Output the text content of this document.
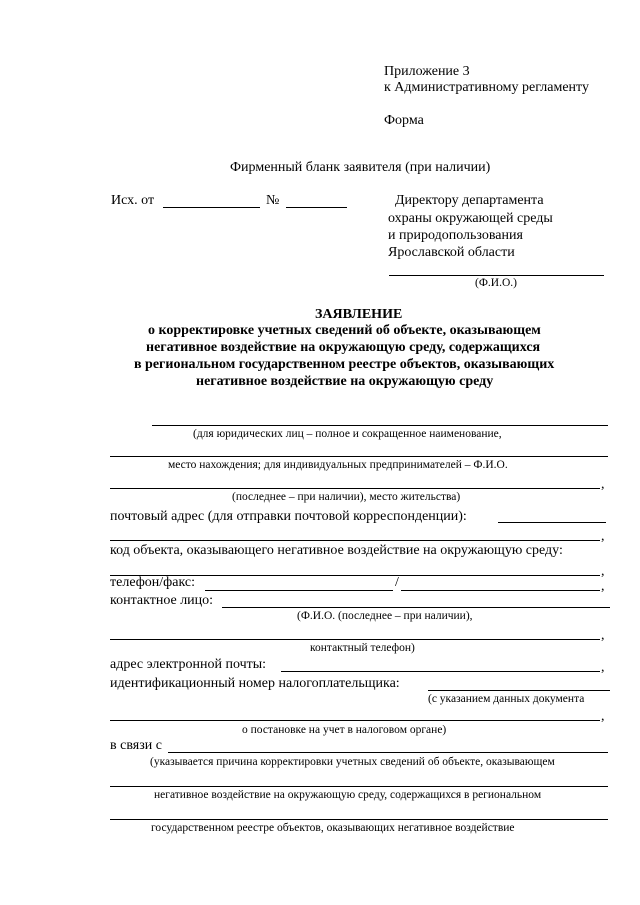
Приложение 3
к Административному регламенту
Форма
Фирменный бланк заявителя (при наличии)
Исх. от	№	Директору департамента
охраны окружающей среды
и природопользования
Ярославской области
(Ф.И.О.)
ЗАЯВЛЕНИЕ
о корректировке учетных сведений об объекте, оказывающем
негативное воздействие на окружающую среду, содержащихся
в региональном государственном реестре объектов, оказывающих
негативное воздействие на окружающую среду
(для юридических лиц – полное и сокращенное наименование,
место нахождения; для индивидуальных предпринимателей – Ф.И.О.
,
(последнее – при наличии), место жительства)
почтовый адрес (для отправки почтовой корреспонденции):
,
код объекта, оказывающего негативное воздействие на окружающую среду:
,
телефон/факс:	/	,
контактное лицо:
(Ф.И.О. (последнее – при наличии),
,
контактный телефон)
адрес электронной почты:	,
идентификационный номер налогоплательщика:
(с указанием данных документа
,
о постановке на учет в налоговом органе)
в связи с
(указывается причина корректировки учетных сведений об объекте, оказывающем
негативное воздействие на окружающую среду, содержащихся в региональном
государственном реестре объектов, оказывающих негативное воздействие
